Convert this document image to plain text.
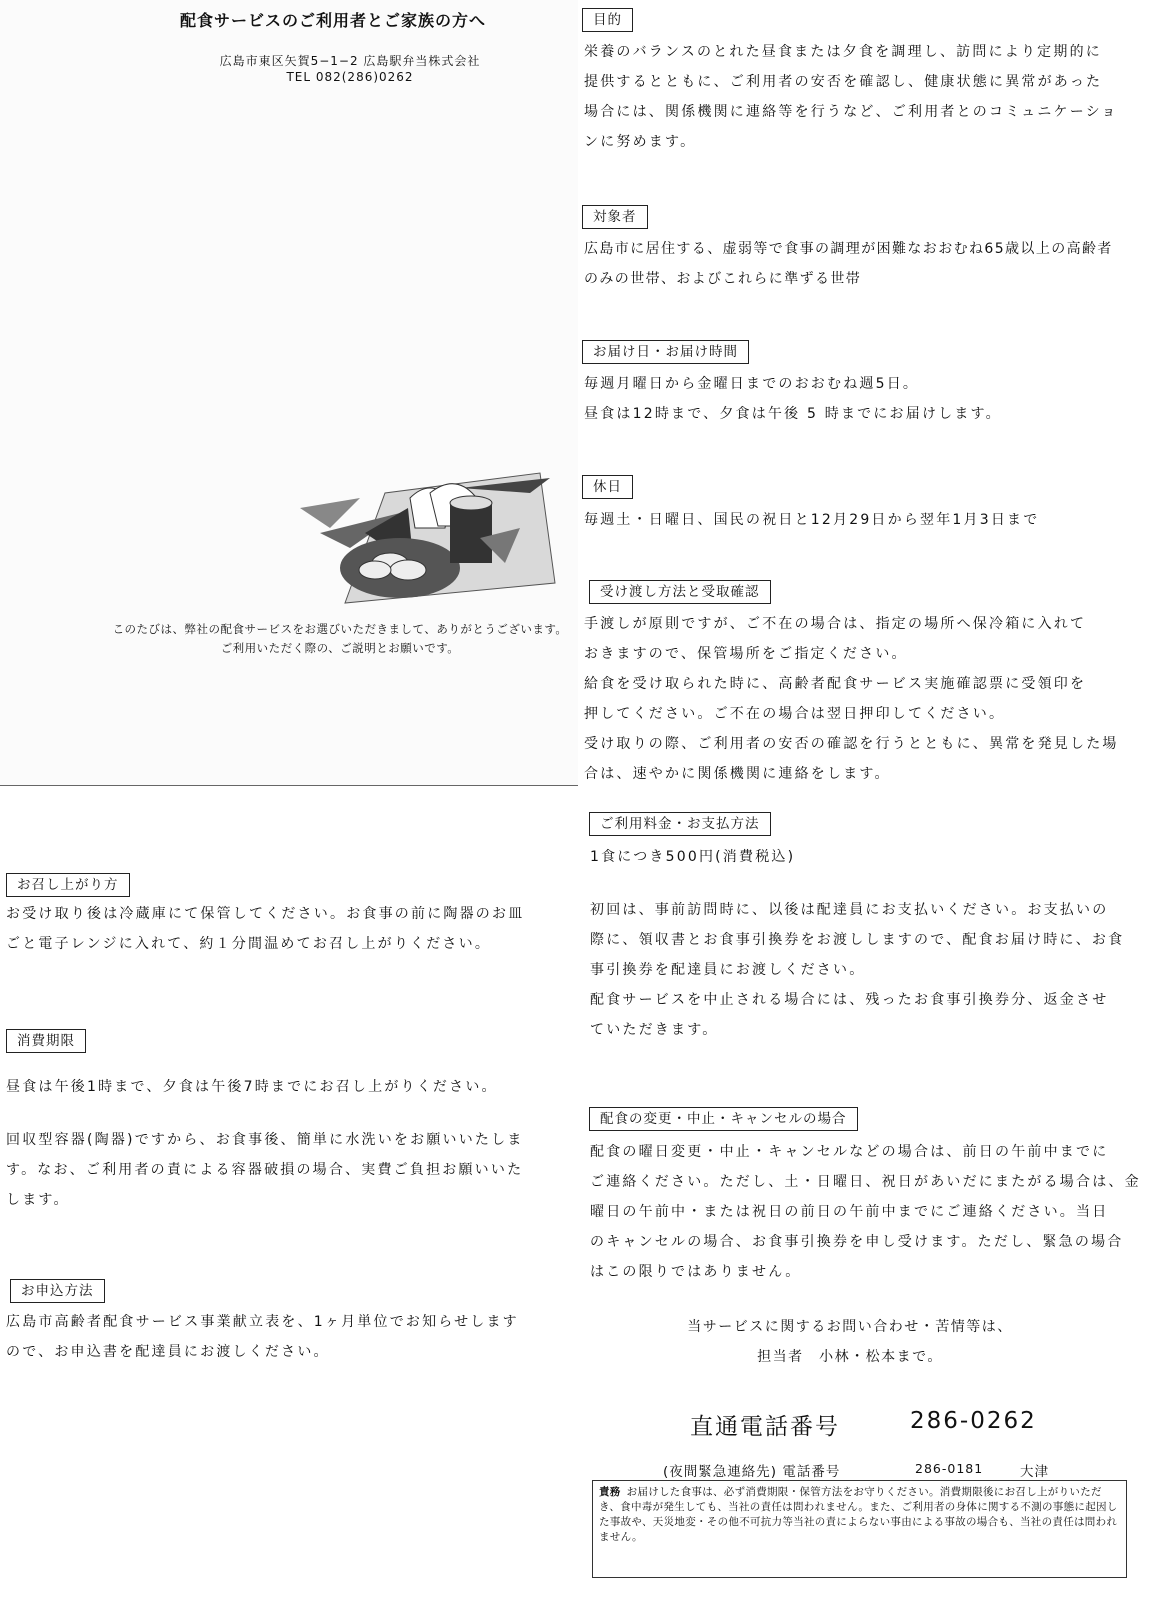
配食サービスのご利用者とご家族の方へ
広島市東区矢賀5−1−2 広島駅弁当株式会社
TEL 082(286)0262
このたびは、弊社の配食サービスをお選びいただきまして、ありがとうございます。
ご利用いただく際の、ご説明とお願いです。
お召し上がり方

お受け取り後は冷蔵庫にて保管してください。お食事の前に陶器のお皿

ごと電子レンジに入れて、約１分間温めてお召し上がりください。

消費期限

昼食は午後1時まで、夕食は午後7時までにお召し上がりください。

回収型容器(陶器)ですから、お食事後、簡単に水洗いをお願いいたしま

す。なお、ご利用者の責による容器破損の場合、実費ご負担お願いいた

します。

お申込方法

広島市高齢者配食サービス事業献立表を、1ヶ月単位でお知らせします

ので、お申込書を配達員にお渡しください。

目的

栄養のバランスのとれた昼食または夕食を調理し、訪問により定期的に

提供するとともに、ご利用者の安否を確認し、健康状態に異常があった

場合には、関係機関に連絡等を行うなど、ご利用者とのコミュニケーショ

ンに努めます。

対象者

広島市に居住する、虚弱等で食事の調理が困難なおおむね65歳以上の高齢者

のみの世帯、およびこれらに準ずる世帯

お届け日・お届け時間

毎週月曜日から金曜日までのおおむね週5日。

昼食は12時まで、夕食は午後 5 時までにお届けします。

休日

毎週土・日曜日、国民の祝日と12月29日から翌年1月3日まで

受け渡し方法と受取確認

手渡しが原則ですが、ご不在の場合は、指定の場所へ保冷箱に入れて

おきますので、保管場所をご指定ください。

給食を受け取られた時に、高齢者配食サービス実施確認票に受領印を

押してください。ご不在の場合は翌日押印してください。

受け取りの際、ご利用者の安否の確認を行うとともに、異常を発見した場

合は、速やかに関係機関に連絡をします。

ご利用料金・お支払方法

1食につき500円(消費税込)

初回は、事前訪問時に、以後は配達員にお支払いください。お支払いの

際に、領収書とお食事引換券をお渡ししますので、配食お届け時に、お食

事引換券を配達員にお渡しください。

配食サービスを中止される場合には、残ったお食事引換券分、返金させ

ていただきます。

配食の変更・中止・キャンセルの場合

配食の曜日変更・中止・キャンセルなどの場合は、前日の午前中までに

ご連絡ください。ただし、土・日曜日、祝日があいだにまたがる場合は、金

曜日の午前中・または祝日の前日の午前中までにご連絡ください。当日

のキャンセルの場合、お食事引換券を申し受けます。ただし、緊急の場合

はこの限りではありません。

当サービスに関するお問い合わせ・苦情等は、
担当者　小林・松本まで。
直通電話番号	286-0262
(夜間緊急連絡先) 電話番号	286-0181	大津
責務 お届けした食事は、必ず消費期限・保管方法をお守りください。消費期限後にお召し上がりいただき、食中毒が発生しても、当社の責任は問われません。また、ご利用者の身体に関する不測の事態に起因した事故や、天災地変・その他不可抗力等当社の責によらない事由による事故の場合も、当社の責任は問われません。
